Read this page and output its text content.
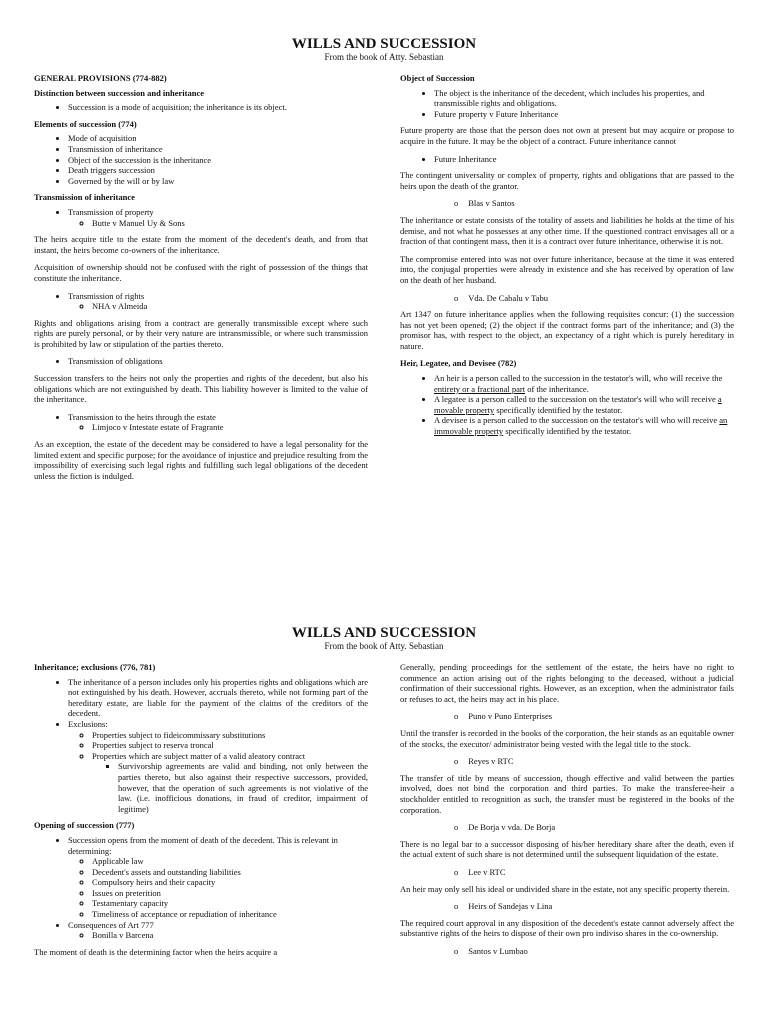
WILLS AND SUCCESSION
From the book of Atty. Sebastian
GENERAL PROVISIONS (774-882)
Distinction between succession and inheritance
• Succession is a mode of acquisition; the inheritance is its object.
Elements of succession (774)
• Mode of acquisition
• Transmission of inheritance
• Object of the succession is the inheritance
• Death triggers succession
• Governed by the will or by law
Transmission of inheritance
• Transmission of property
◦ Butte v Manuel Uy & Sons

The heirs acquire title to the estate from the moment of the decedent's death, and from that instant, the heirs become co-owners of the inheritance.

Acquisition of ownership should not be confused with the right of possession of the things that constitute the inheritance.

• Transmission of rights
◦ NHA v Almeida

Rights and obligations arising from a contract are generally transmissible except where such rights are purely personal, or by their very nature are intransmissible, or where such transmission is prohibited by law or stipulation of the parties thereto.

• Transmission of obligations

Succession transfers to the heirs not only the properties and rights of the decedent, but also his obligations which are not extinguished by death. This liability however is limited to the value of the inheritance.

• Transmission to the heirs through the estate
◦ Limjoco v Intestate estate of Fragrante

As an exception, the estate of the decedent may be considered to have a legal personality for the limited extent and specific purpose; for the avoidance of injustice and prejudice resulting from the impossibility of exercising such legal rights and fulfilling such legal obligations of the decedent unless the fiction is indulged.

Object of Succession
• The object is the inheritance of the decedent, which includes his properties, and transmissible rights and obligations.
• Future property v Future Inheritance

Future property are those that the person does not own at present but may acquire or propose to acquire in the future. It may be the object of a contract. Future inheritance cannot

• Future Inheritance

The contingent universality or complex of property, rights and obligations that are passed to the heirs upon the death of the grantor.

o Blas v Santos

The inheritance or estate consists of the totality of assets and liabilities he holds at the time of his demise, and not what he possesses at any other time. If the questioned contract envisages all or a fraction of that contingent mass, then it is a contract over future inheritance, otherwise it is not.

The compromise entered into was not over future inheritance, because at the time it was entered into, the conjugal properties were already in existence and she has received by operation of law on the death of her husband.

o Vda. De Cabalu v Tabu

Art 1347 on future inheritance applies when the following requisites concur: (1) the succession has not yet been opened; (2) the object if the contract forms part of the inheritance; and (3) the promisor has, with respect to the object, an expectancy of a right which is purely hereditary in nature.

Heir, Legatee, and Devisee (782)
• An heir is a person called to the succession in the testator's will, who will receive the entirety or a fractional part of the inheritance.
• A legatee is a person called to the succession on the testator's will who will receive a movable property specifically identified by the testator.
• A devisee is a person called to the succession on the testator's will who will receive an immovable property specifically identified by the testator.
WILLS AND SUCCESSION
From the book of Atty. Sebastian
Inheritance; exclusions (776, 781)
• The inheritance of a person includes only his properties rights and obligations which are not extinguished by his death. However, accruals thereto, while not forming part of the hereditary estate, are liable for the payment of the claims of the creditors of the decedent.
• Exclusions:
◦ Properties subject to fideicommissary substitutions
◦ Properties subject to reserva troncal
◦ Properties which are subject matter of a valid aleatory contract
▪ Survivorship agreements are valid and binding, not only between the parties thereto, but also against their respective successors, provided, however, that the operation of such agreements is not violative of the law. (i.e. inofficious donations, in fraud of creditor, impairment of legitime)
Opening of succession (777)
• Succession opens from the moment of death of the decedent. This is relevant in determining:
◦ Applicable law
◦ Decedent's assets and outstanding liabilities
◦ Compulsory heirs and their capacity
◦ Issues on preterition
◦ Testamentary capacity
◦ Timeliness of acceptance or repudiation of inheritance
• Consequences of Art 777
◦ Bonilla v Barcena

The moment of death is the determining factor when the heirs acquire a

Generally, pending proceedings for the settlement of the estate, the heirs have no right to commence an action arising out of the rights belonging to the deceased, without a judicial confirmation of their successional rights. However, as an exception, when the administrator fails or refuses to act, the heirs may act in his place.

o Puno v Puno Enterprises

Until the transfer is recorded in the books of the corporation, the heir stands as an equitable owner of the stocks, the executor/ administrator being vested with the legal title to the stock.

o Reyes v RTC

The transfer of title by means of succession, though effective and valid between the parties involved, does not bind the corporation and third parties. To make the transferee-heir a stockholder entitled to recognition as such, the transfer must be registered in the books of the corporation.

o De Borja v vda. De Borja

There is no legal bar to a successor disposing of his/her hereditary share after the death, even if the actual extent of such share is not determined until the subsequent liquidation of the estate.

o Lee v RTC

An heir may only sell his ideal or undivided share in the estate, not any specific property therein.

o Heirs of Sandejas v Lina

The required court approval in any disposition of the decedent's estate cannot adversely affect the substantive rights of the heirs to dispose of their own pro indiviso shares in the co-ownership.

o Santos v Lumbao
